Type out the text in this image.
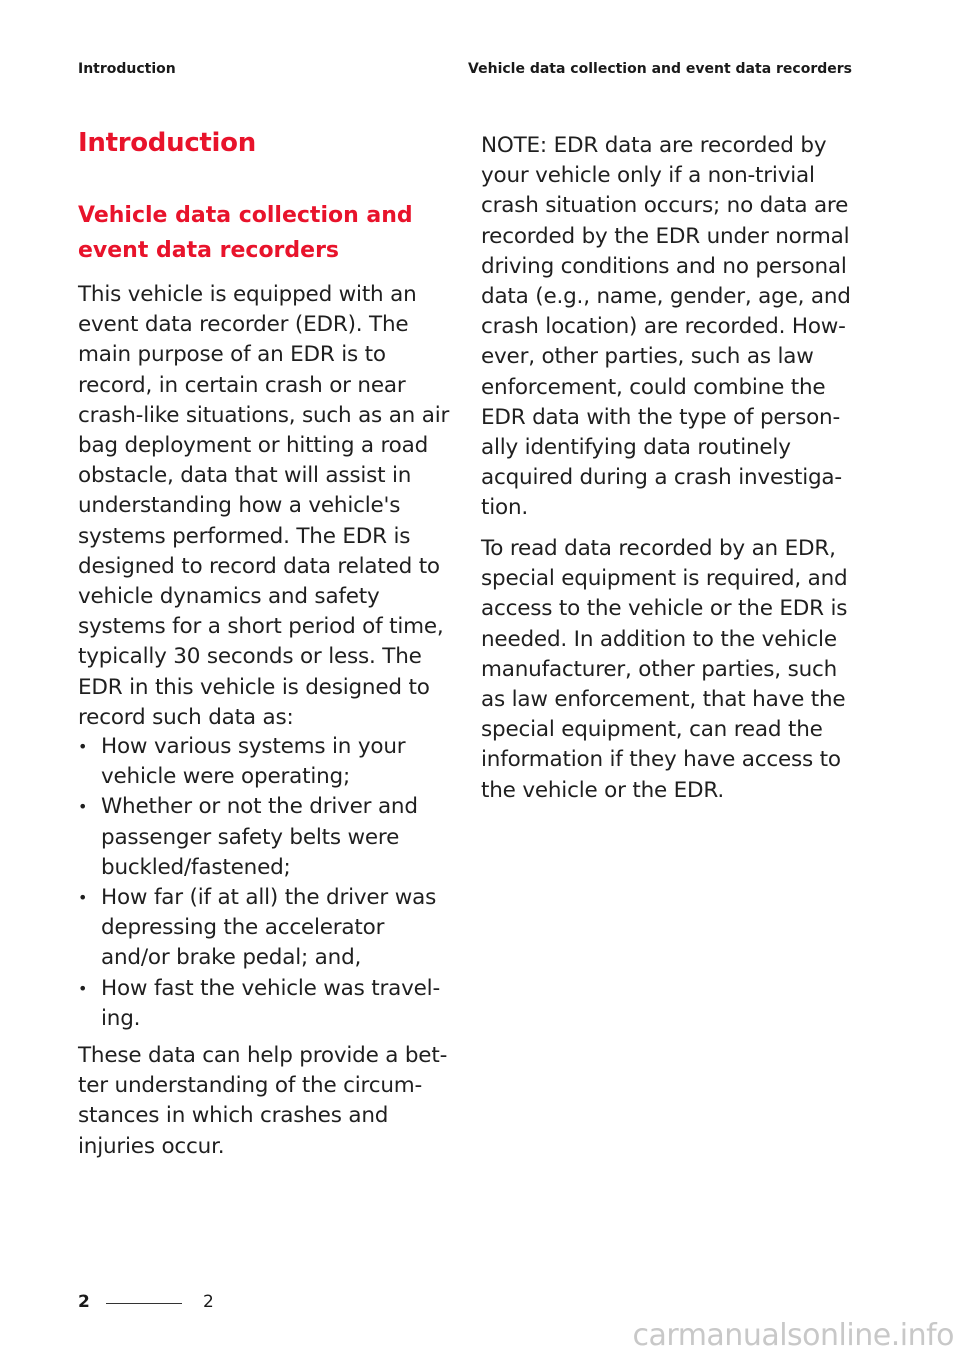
Introduction	Vehicle data collection and event data recorders
Introduction
Vehicle data collection and event data recorders

This vehicle is equipped with an event data recorder (EDR). The main purpose of an EDR is to record, in certain crash or near crash-like situations, such as an air bag deployment or hitting a road obstacle, data that will assist in understanding how a vehicle's systems performed. The EDR is designed to record data related to vehicle dynamics and safety systems for a short period of time, typically 30 seconds or less. The EDR in this vehicle is designed to record such data as:

• How various systems in your vehicle were operating;
• Whether or not the driver and passenger safety belts were buckled/fastened;
• How far (if at all) the driver was depressing the accelerator and/or brake pedal; and,
• How fast the vehicle was traveling.

These data can help provide a better understanding of the circumstances in which crashes and injuries occur.

NOTE: EDR data are recorded by your vehicle only if a non-trivial crash situation occurs; no data are recorded by the EDR under normal driving conditions and no personal data (e.g., name, gender, age, and crash location) are recorded. However, other parties, such as law enforcement, could combine the EDR data with the type of personally identifying data routinely acquired during a crash investigation.

To read data recorded by an EDR, special equipment is required, and access to the vehicle or the EDR is needed. In addition to the vehicle manufacturer, other parties, such as law enforcement, that have the special equipment, can read the information if they have access to the vehicle or the EDR.

2	2
carmanualsonline.info
